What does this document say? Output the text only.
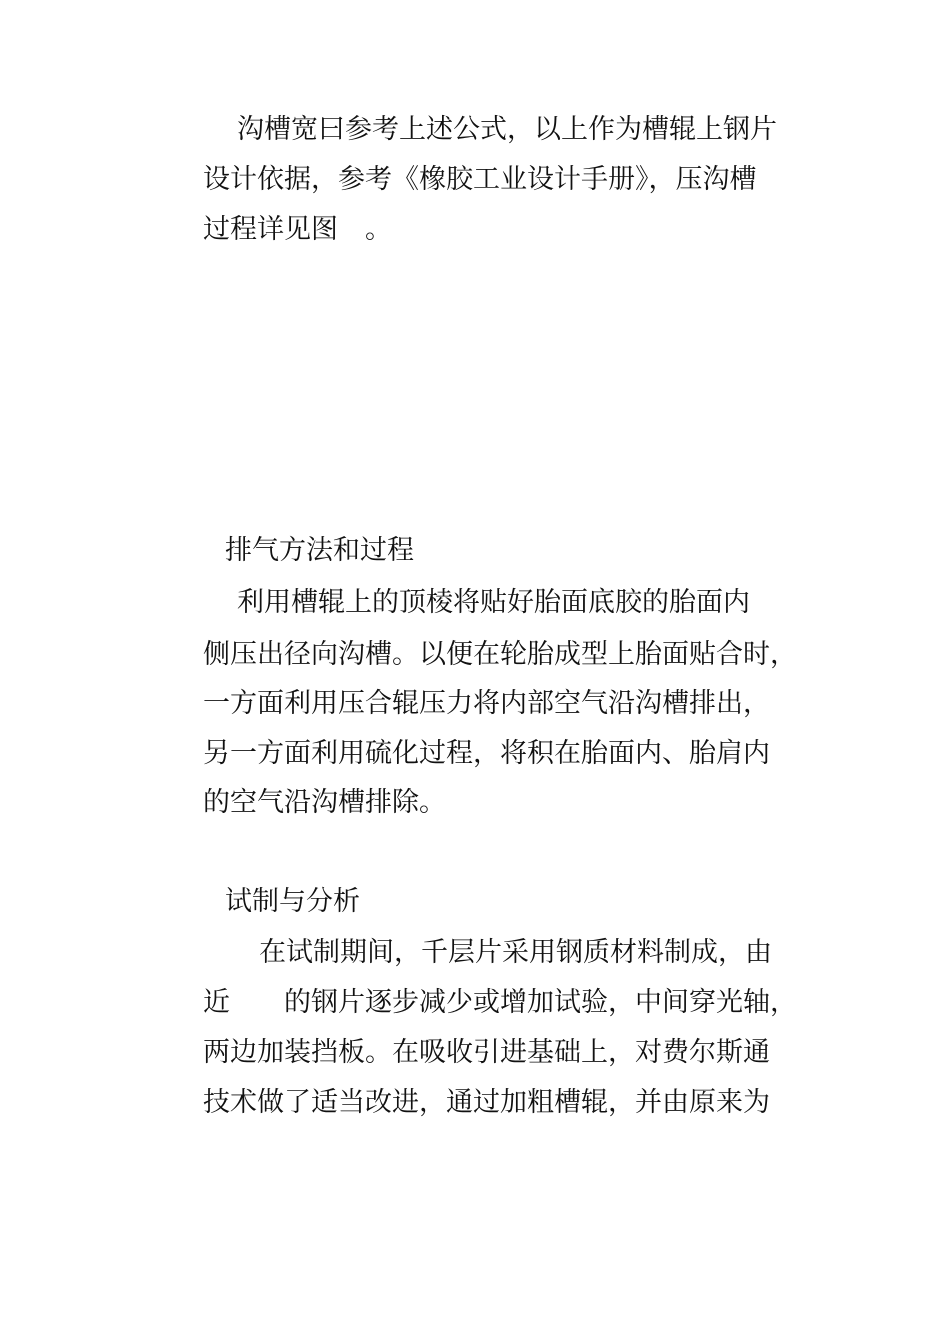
沟槽宽曰参考上述公式，以上作为槽辊上钢片
设计依据，参考《橡胶工业设计手册》，压沟槽
过程详见图　。
排气方法和过程
利用槽辊上的顶棱将贴好胎面底胶的胎面内
侧压出径向沟槽。以便在轮胎成型上胎面贴合时，
一方面利用压合辊压力将内部空气沿沟槽排出，
另一方面利用硫化过程，将积在胎面内、胎肩内
的空气沿沟槽排除。
试制与分析
在试制期间，千层片采用钢质材料制成，由
近　　的钢片逐步减少或增加试验，中间穿光轴，
两边加装挡板。在吸收引进基础上，对费尔斯通
技术做了适当改进，通过加粗槽辊，并由原来为
